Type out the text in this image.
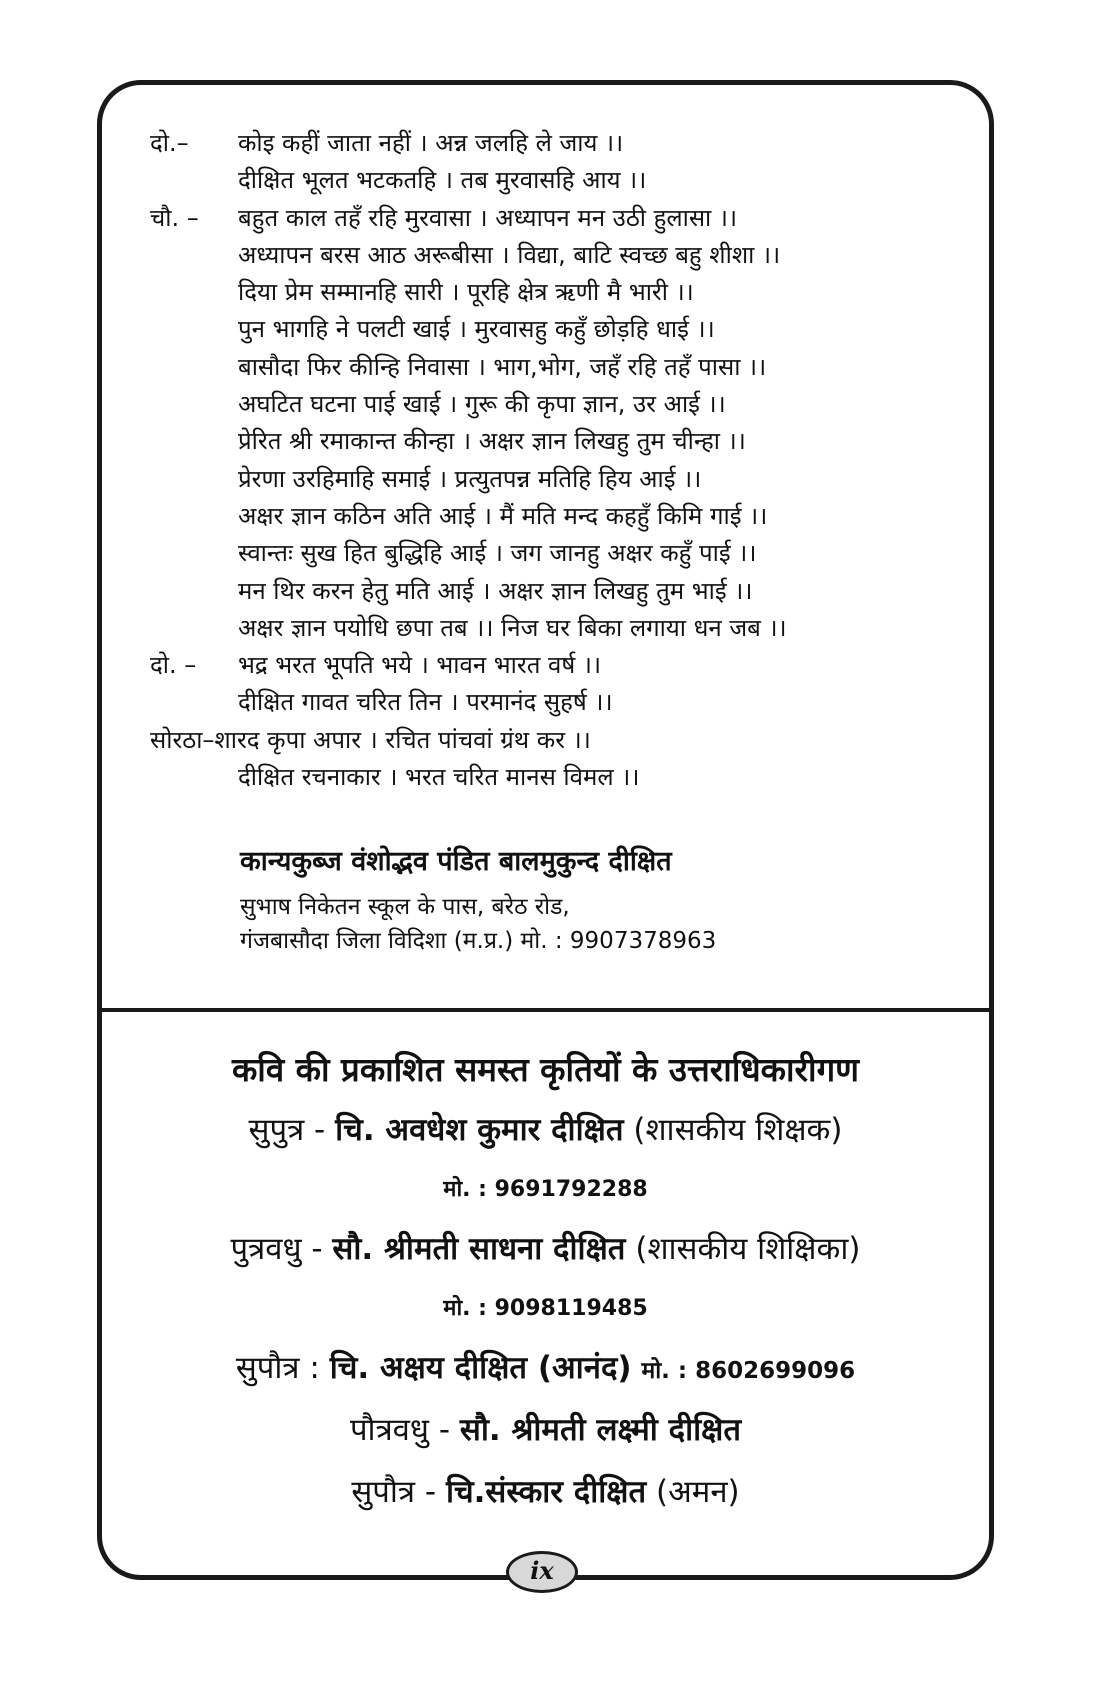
दो.– कोइ कहीं जाता नहीं । अन्न जलहि ले जाय ।।
दीक्षित भूलत भटकतहि । तब मुरवासहि आय ।।
चौ. – बहुत काल तहँ रहि मुरवासा । अध्यापन मन उठी हुलासा ।।
अध्यापन बरस आठ अरूबीसा । विद्या, बाटि स्वच्छ बहु शीशा ।।
दिया प्रेम सम्मानहि सारी । पूरहि क्षेत्र ऋणी मै भारी ।।
पुन भागहि ने पलटी खाई । मुरवासहु कहुँ छोड़हि धाई ।।
बासौदा फिर कीन्हि निवासा । भाग,भोग, जहँ रहि तहँ पासा ।।
अघटित घटना पाई खाई । गुरू की कृपा ज्ञान, उर आई ।।
प्रेरित श्री रमाकान्त कीन्हा । अक्षर ज्ञान लिखहु तुम चीन्हा ।।
प्रेरणा उरहिमाहि समाई । प्रत्युतपन्न मतिहि हिय आई ।।
अक्षर ज्ञान कठिन अति आई । मैं मति मन्द कहहुँ किमि गाई ।।
स्वान्तः सुख हित बुद्धिहि आई । जग जानहु अक्षर कहुँ पाई ।।
मन थिर करन हेतु मति आई । अक्षर ज्ञान लिखहु तुम भाई ।।
अक्षर ज्ञान पयोधि छपा तब ।। निज घर बिका लगाया धन जब ।।
दो. – भद्र भरत भूपति भये । भावन भारत वर्ष ।।
दीक्षित गावत चरित तिन । परमानंद सुहर्ष ।।
सोरठा–शारद कृपा अपार । रचित पांचवां ग्रंथ कर ।।
दीक्षित रचनाकार । भरत चरित मानस विमल ।।
कान्यकुब्ज वंशोद्भव पंडित बालमुकुन्द दीक्षित
सुभाष निकेतन स्कूल के पास, बरेठ रोड,
गंजबासौदा जिला विदिशा (म.प्र.) मो. : 9907378963
कवि की प्रकाशित समस्त कृतियों के उत्तराधिकारीगण
सुपुत्र - चि. अवधेश कुमार दीक्षित (शासकीय शिक्षक)
मो. : 9691792288
पुत्रवधु - सौ. श्रीमती साधना दीक्षित (शासकीय शिक्षिका)
मो. : 9098119485
सुपौत्र : चि. अक्षय दीक्षित (आनंद) मो. : 8602699096
पौत्रवधु - सौ. श्रीमती लक्ष्मी दीक्षित
सुपौत्र - चि.संस्कार दीक्षित (अमन)
ix
